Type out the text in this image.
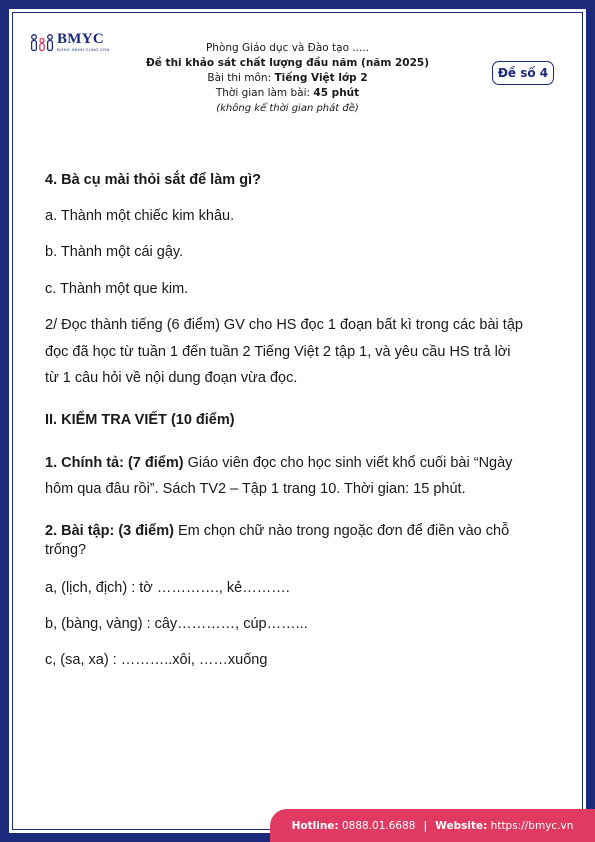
BMYC
ĐỒNG HÀNH CÙNG CON	Phòng Giáo dục và Đào tạo .....
Đề thi khảo sát chất lượng đầu năm (năm 2025)
Bài thi môn: Tiếng Việt lớp 2
Thời gian làm bài: 45 phút
(không kể thời gian phát đề)
Đề số 4

4. Bà cụ mài thỏi sắt để làm gì?

a. Thành một chiếc kim khâu.

b. Thành một cái gậy.

c. Thành một que kim.

2/ Đọc thành tiếng (6 điểm) GV cho HS đọc 1 đoạn bất kì trong các bài tập

đọc đã học từ tuần 1 đến tuần 2 Tiếng Việt 2 tập 1, và yêu cầu HS trả lời

từ 1 câu hỏi về nội dung đoạn vừa đọc.

II. KIỂM TRA VIẾT (10 điểm)

1. Chính tả: (7 điểm) Giáo viên đọc cho học sinh viết khổ cuối bài “Ngày

hôm qua đâu rồi”. Sách TV2 – Tập 1 trang 10. Thời gian: 15 phút.

2. Bài tập: (3 điểm) Em chọn chữ nào trong ngoặc đơn để điền vào chỗ

trống?

a, (lịch, địch) : tờ …………., kẻ……….

b, (bàng, vàng) : cây…………, cúp……...

c, (sa, xa) : ………..xôi, ……xuống

Hotline:
0888.01.6688 | Website:
https://bmyc.vn
